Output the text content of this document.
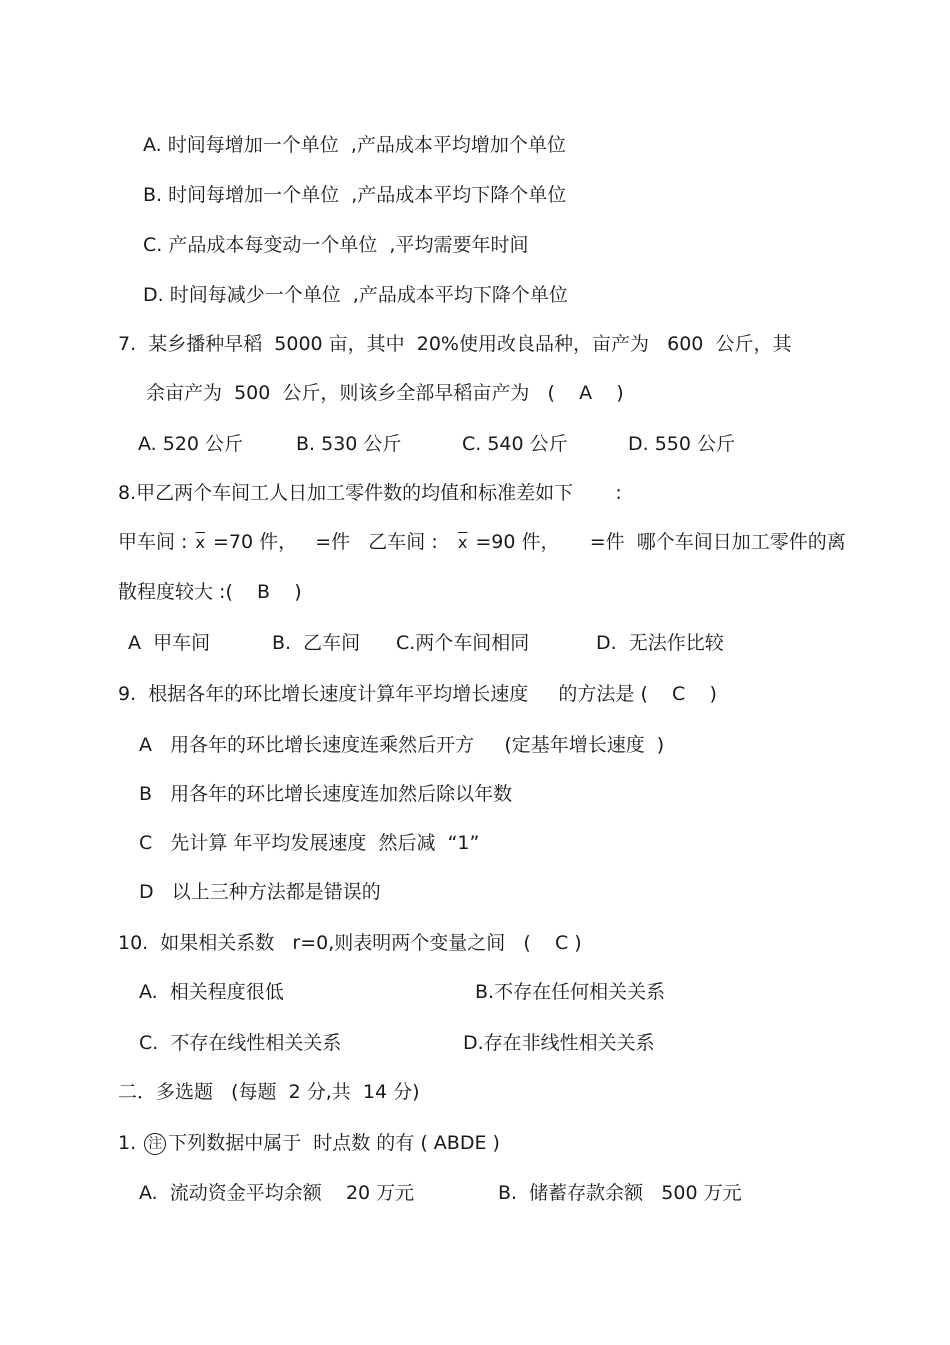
A. 时间每增加一个单位  ,产品成本平均增加个单位
B. 时间每增加一个单位  ,产品成本平均下降个单位
C. 产品成本每变动一个单位  ,平均需要年时间
D. 时间每减少一个单位  ,产品成本平均下降个单位
7.  某乡播种早稻  5000 亩，其中  20%使用改良品种，亩产为   600  公斤，其
余亩产为  500  公斤，则该乡全部早稻亩产为   (    A    )
A. 520 公斤	B. 530 公斤	C. 540 公斤	D. 550 公斤
8.甲乙两个车间工人日加工零件数的均值和标准差如下       :
甲车间 : $\overline{x} =70$ 件，   =件   乙车间 :   $\overline{x} =90$ 件，     =件  哪个车间日加工零件的离
散程度较大 :(    B    )
A  甲车间	B.  乙车间 C.两个车间相同	D.  无法作比较
9.  根据各年的环比增长速度计算年平均增长速度     的方法是 (    C    )
A   用各年的环比增长速度连乘然后开方     (定基年增长速度  )
B   用各年的环比增长速度连加然后除以年数
C   先计算 年平均发展速度  然后减  “1”
D   以上三种方法都是错误的
10.  如果相关系数   r=0,则表明两个变量之间   (    C )
A.  相关程度很低	B.不存在任何相关关系
C.  不存在线性相关关系	D.存在非线性相关关系
二．多选题   (每题  2 分,共  14 分)
1. 注 下列数据中属于  时点数 的有 ( ABDE )
A.  流动资金平均余额    20 万元	B.  储蓄存款余额   500 万元
